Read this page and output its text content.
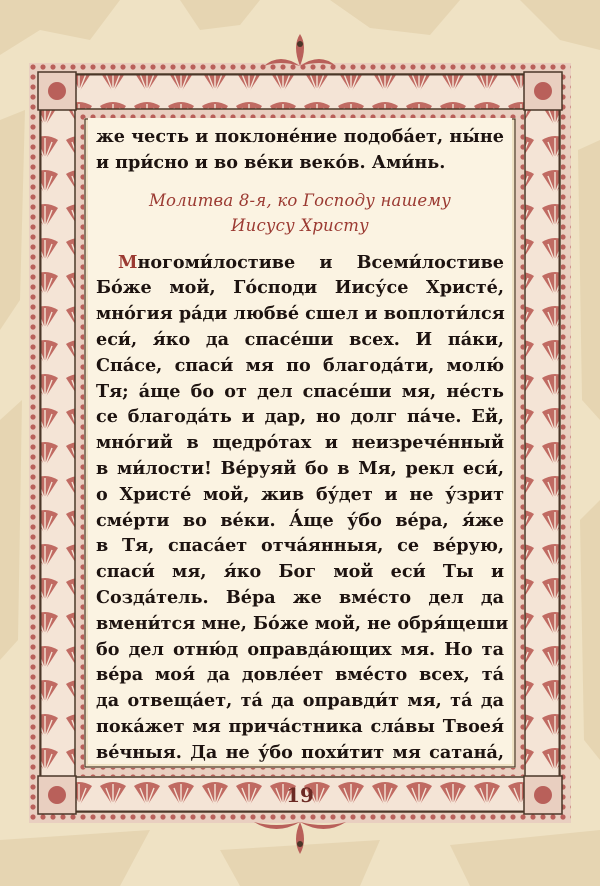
же честь и поклоне́ние подоба́ет, ны́не
и при́сно и во ве́ки веко́в. Ами́нь.
Молитва 8-я, ко Господу нашему
Иисусу Христу
Многоми́лостиве и Всеми́лостиве
Бо́же мой, Го́споди Иису́се Христе́,
мно́гия ра́ди любве́ сшел и воплоти́лся
еси́, я́ко да спасе́ши всех. И па́ки,
Спа́се, спаси́ мя по благода́ти, молю́
Тя; а́ще бо от дел спасе́ши мя, не́сть
се благода́ть и дар, но долг па́че. Ей,
мно́гий в щедро́тах и неизрече́нный
в ми́лости! Ве́руяй бо в Мя, рекл еси́,
о Христе́ мой, жив бу́дет и не у́зрит
сме́рти во ве́ки. А́ще у́бо ве́ра, я́же
в Тя, спаса́ет отча́янныя, се ве́рую,
спаси́ мя, я́ко Бог мой еси́ Ты и
Созда́тель. Ве́ра же вме́сто дел да
вмени́тся мне, Бо́же мой, не обря́щеши
бо дел отню́д оправда́ющих мя. Но та
ве́ра моя́ да довле́ет вме́сто всех, та́
да отвеща́ет, та́ да оправди́т мя, та́ да
пока́жет мя прича́стника сла́вы Твоея́
ве́чныя. Да не у́бо похи́тит мя сатана́,
19
